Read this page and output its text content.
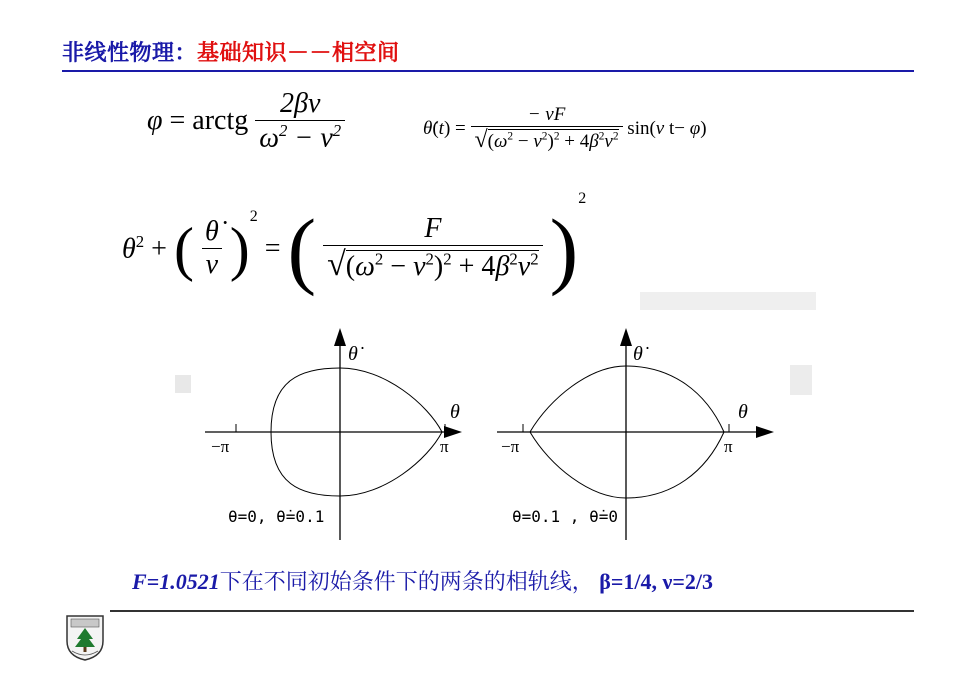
非线性物理：基础知识－－相空间
φ = arctg $\frac{2\beta\nu}{\omega^2 - \nu^2}$	θ̇(t) = $\frac{- \nu F}{√(\omega^2 - \nu^2)^2 + 4\beta^2\nu^2} \sin(\nu$ t− φ)
$\theta^2$ + ( $\frac{\thetȧ}{\nu} )^2$ = ( $\frac{F}{√(\omega^2 - \nu^2)^2 + 4\beta^2\nu^2} )^2$
θ̇
θ
−π	π
θ=0, θ̇=0.1
θ̇
θ
−π	π
θ=0.1 , θ̇=0
F=1.0521下在不同初始条件下的两条的相轨线， β=1/4, ν=2/3
